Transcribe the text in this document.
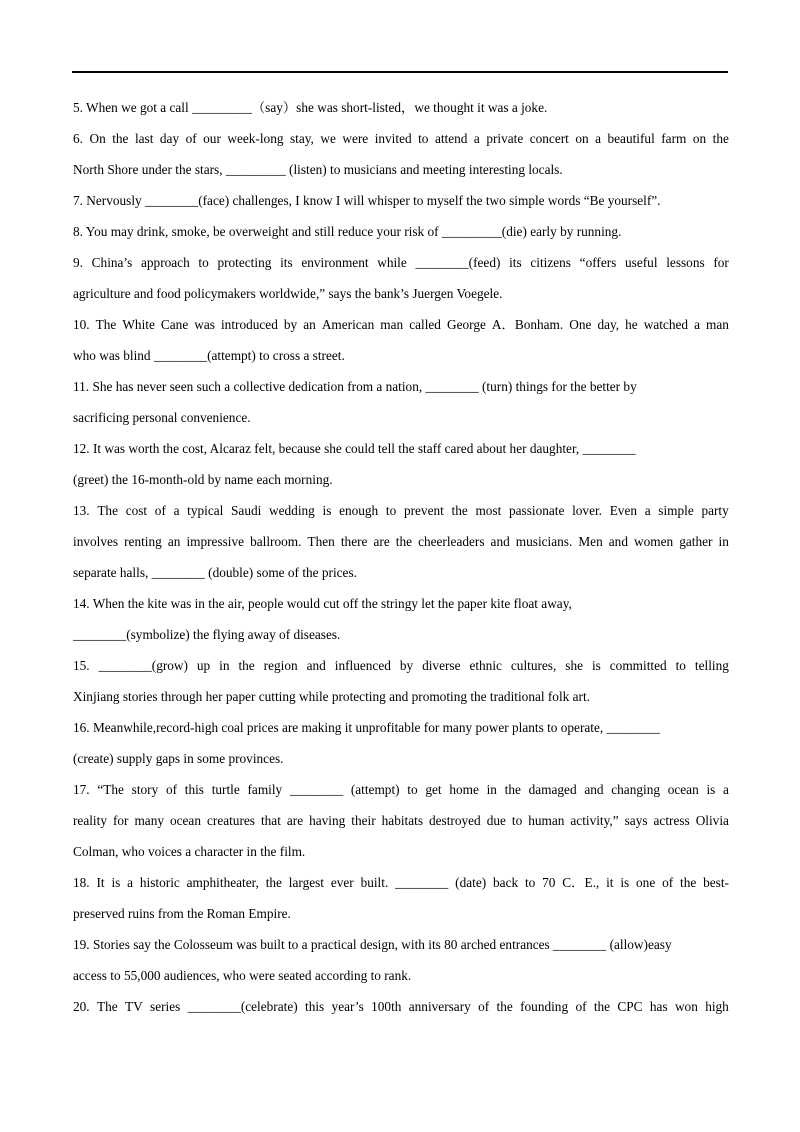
5. When we got a call _________（say）she was short-listed，we thought it was a joke.
6. On the last day of our week-long stay, we were invited to attend a private concert on a beautiful farm on the
North Shore under the stars, _________ (listen) to musicians and meeting interesting locals.
7. Nervously ________(face) challenges, I know I will whisper to myself the two simple words “Be yourself”.
8. You may drink, smoke, be overweight and still reduce your risk of _________(die) early by running.
9. China’s approach to protecting its environment while ________(feed) its citizens “offers useful lessons for
agriculture and food policymakers worldwide,” says the bank’s Juergen Voegele.
10. The White Cane was introduced by an American man called George A．Bonham. One day, he watched a man
who was blind ________(attempt) to cross a street.
11. She has never seen such a collective dedication from a nation, ________ (turn) things for the better by
sacrificing personal convenience.
12. It was worth the cost, Alcaraz felt, because she could tell the staff cared about her daughter, ________
(greet) the 16-month-old by name each morning.
13. The cost of a typical Saudi wedding is enough to prevent the most passionate lover. Even a simple party
involves renting an impressive ballroom. Then there are the cheerleaders and musicians. Men and women gather in
separate halls, ________ (double) some of the prices.
14. When the kite was in the air, people would cut off the stringy let the paper kite float away,
________(symbolize) the flying away of diseases.
15. ________(grow) up in the region and influenced by diverse ethnic cultures, she is committed to telling
Xinjiang stories through her paper cutting while protecting and promoting the traditional folk art.
16. Meanwhile,record-high coal prices are making it unprofitable for many power plants to operate, ________
(create) supply gaps in some provinces.
17. “The story of this turtle family ________ (attempt) to get home in the damaged and changing ocean is a
reality for many ocean creatures that are having their habitats destroyed due to human activity,” says actress Olivia
Colman, who voices a character in the film.
18. It is a historic amphitheater, the largest ever built. ________ (date) back to 70 C．E., it is one of the best-
preserved ruins from the Roman Empire.
19. Stories say the Colosseum was built to a practical design, with its 80 arched entrances ________ (allow)easy
access to 55,000 audiences, who were seated according to rank.
20. The TV series ________(celebrate) this year’s 100th anniversary of the founding of the CPC has won high
